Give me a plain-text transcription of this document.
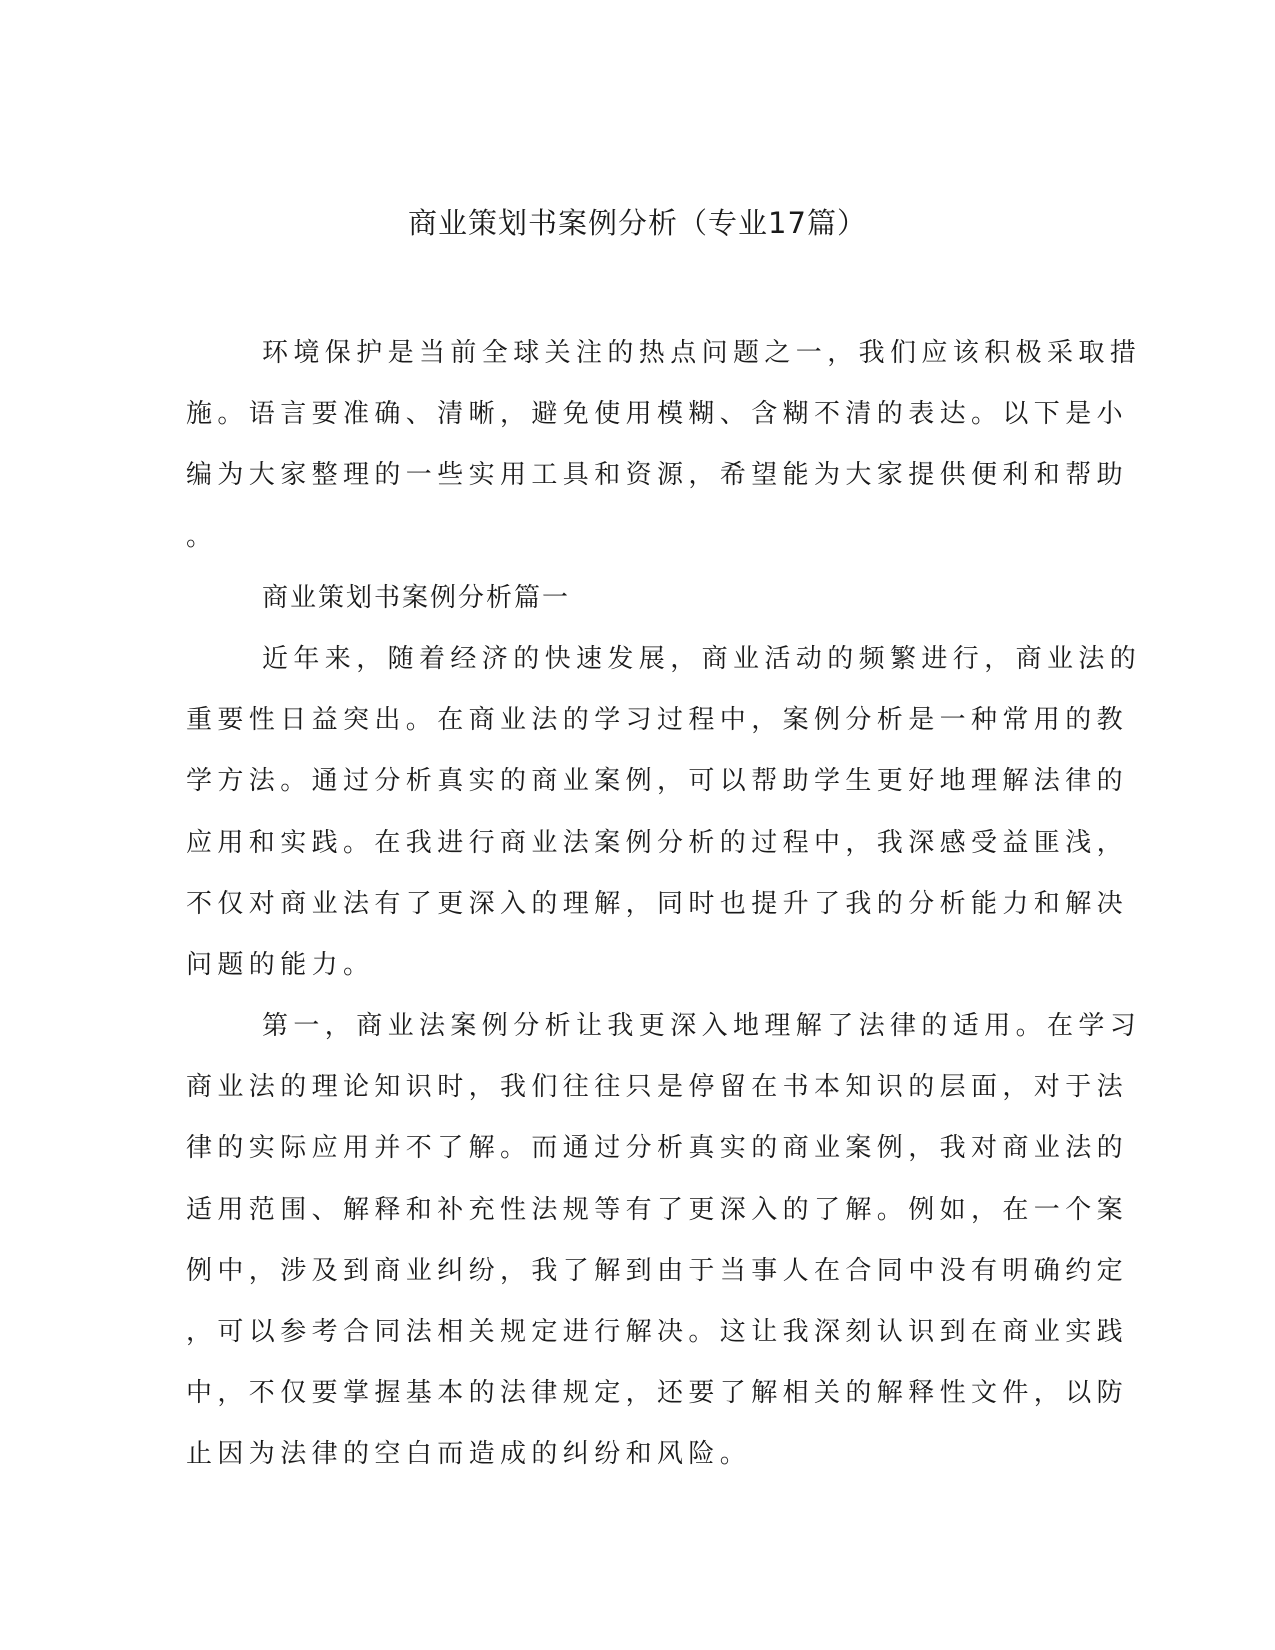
商业策划书案例分析（专业17篇）
环境保护是当前全球关注的热点问题之一，我们应该积极采取措
施。语言要准确、清晰，避免使用模糊、含糊不清的表达。以下是小
编为大家整理的一些实用工具和资源，希望能为大家提供便利和帮助
。
商业策划书案例分析篇一
近年来，随着经济的快速发展，商业活动的频繁进行，商业法的
重要性日益突出。在商业法的学习过程中，案例分析是一种常用的教
学方法。通过分析真实的商业案例，可以帮助学生更好地理解法律的
应用和实践。在我进行商业法案例分析的过程中，我深感受益匪浅，
不仅对商业法有了更深入的理解，同时也提升了我的分析能力和解决
问题的能力。
第一，商业法案例分析让我更深入地理解了法律的适用。在学习
商业法的理论知识时，我们往往只是停留在书本知识的层面，对于法
律的实际应用并不了解。而通过分析真实的商业案例，我对商业法的
适用范围、解释和补充性法规等有了更深入的了解。例如，在一个案
例中，涉及到商业纠纷，我了解到由于当事人在合同中没有明确约定
，可以参考合同法相关规定进行解决。这让我深刻认识到在商业实践
中，不仅要掌握基本的法律规定，还要了解相关的解释性文件，以防
止因为法律的空白而造成的纠纷和风险。
